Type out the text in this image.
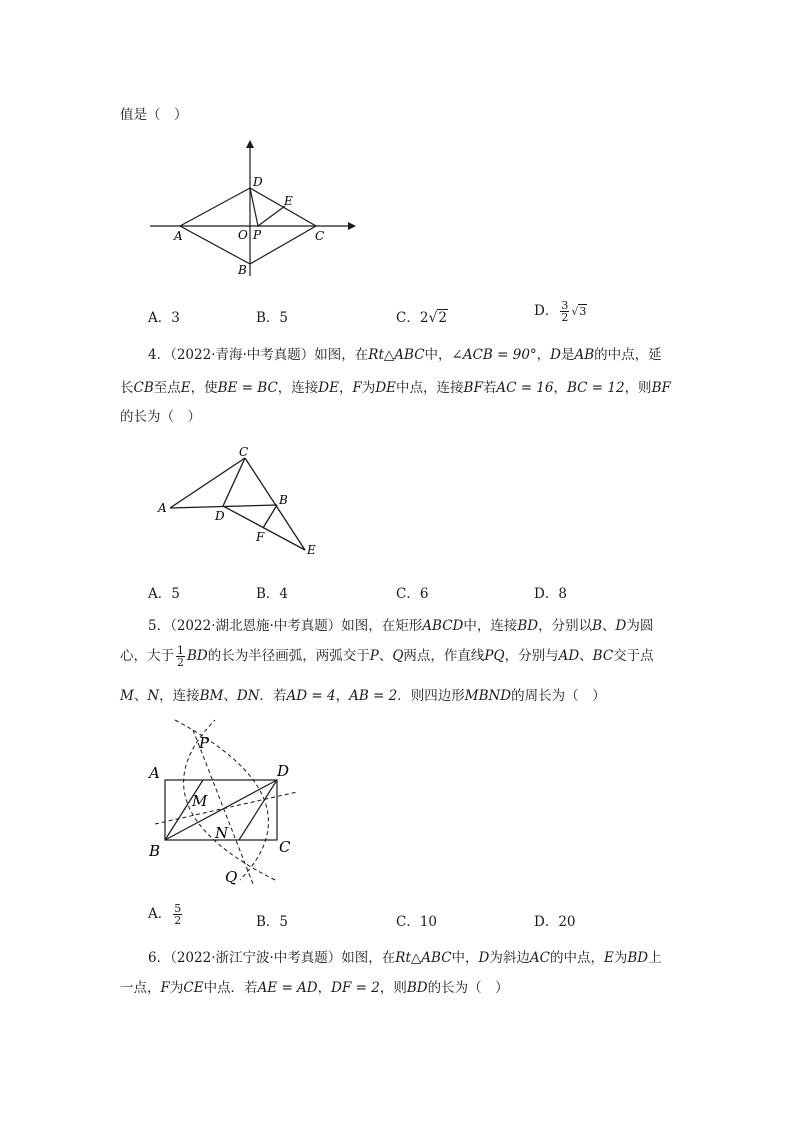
值是（　）
D
E
A	O P	C
B
A．3	B．5	C．2√2	D． $\frac{3}{2} √3$
4．（2022·青海·中考真题）如图，在Rt△ABC中，∠ACB = 90°，D是AB的中点，延
长CB至点E，使BE = BC，连接DE，F为DE中点，连接BF若AC = 16，BC = 12，则BF
的长为（　）
C
A
D
B
F
E
A．5	B．4	C．6	D．8
5．（2022·湖北恩施·中考真题）如图，在矩形ABCD中，连接BD，分别以B、D为圆
心，大于 $\frac{1}{2}$ BD的长为半径画弧，两弧交于P、Q两点，作直线PQ，分别与AD、BC交于点
M、N，连接BM、DN．若AD = 4，AB = 2．则四边形MBND的周长为（　）
P
A	D
M
N
B	C
Q
A． $\frac{5}{2}$	B．5	C．10	D．20
6．（2022·浙江宁波·中考真题）如图，在Rt△ABC中，D为斜边AC的中点，E为BD上
一点，F为CE中点．若AE = AD，DF = 2，则BD的长为（　）
